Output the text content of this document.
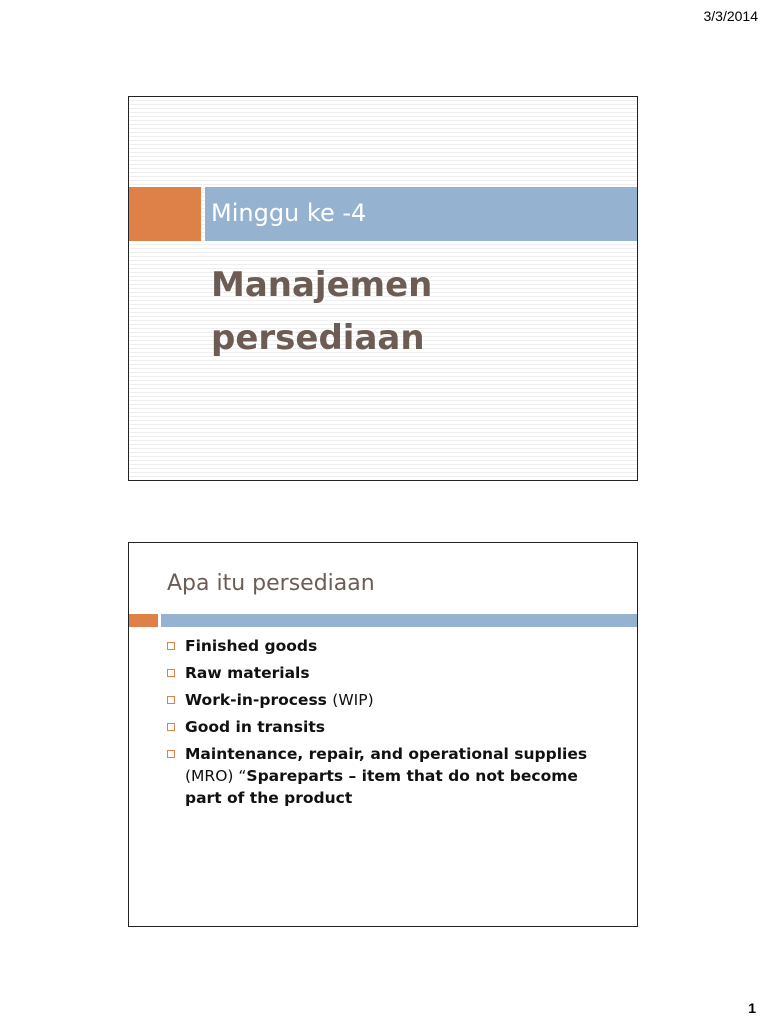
3/3/2014
Minggu ke -4
Manajemen
persediaan
Apa itu persediaan
Finished goods
Raw materials
Work-in-process (WIP)
Good in transits
Maintenance, repair, and operational supplies (MRO) “Spareparts – item that do not become part of the product
1
